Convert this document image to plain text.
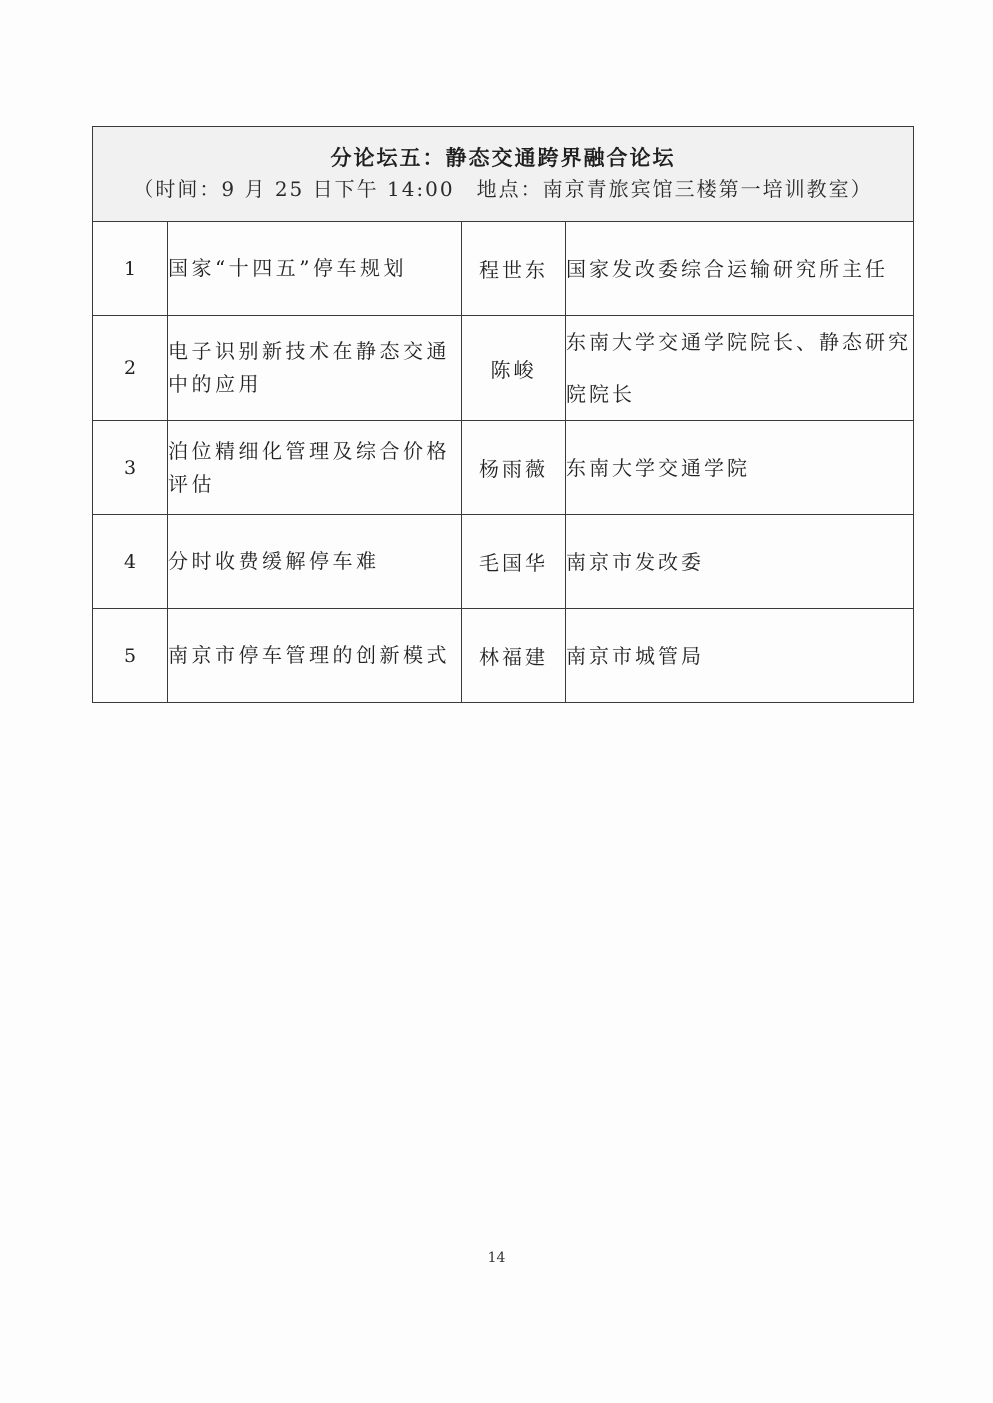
分论坛五：静态交通跨界融合论坛
（时间：9 月 25 日下午 14:00　地点：南京青旅宾馆三楼第一培训教室）			

1	国家“十四五”停车规划	程世东	国家发改委综合运输研究所主任
2	电子识别新技术在静态交通中的应用	陈峻	东南大学交通学院院长、静态研究院院长
3	泊位精细化管理及综合价格评估	杨雨薇	东南大学交通学院
4	分时收费缓解停车难	毛国华	南京市发改委
5	南京市停车管理的创新模式	林福建	南京市城管局
14
